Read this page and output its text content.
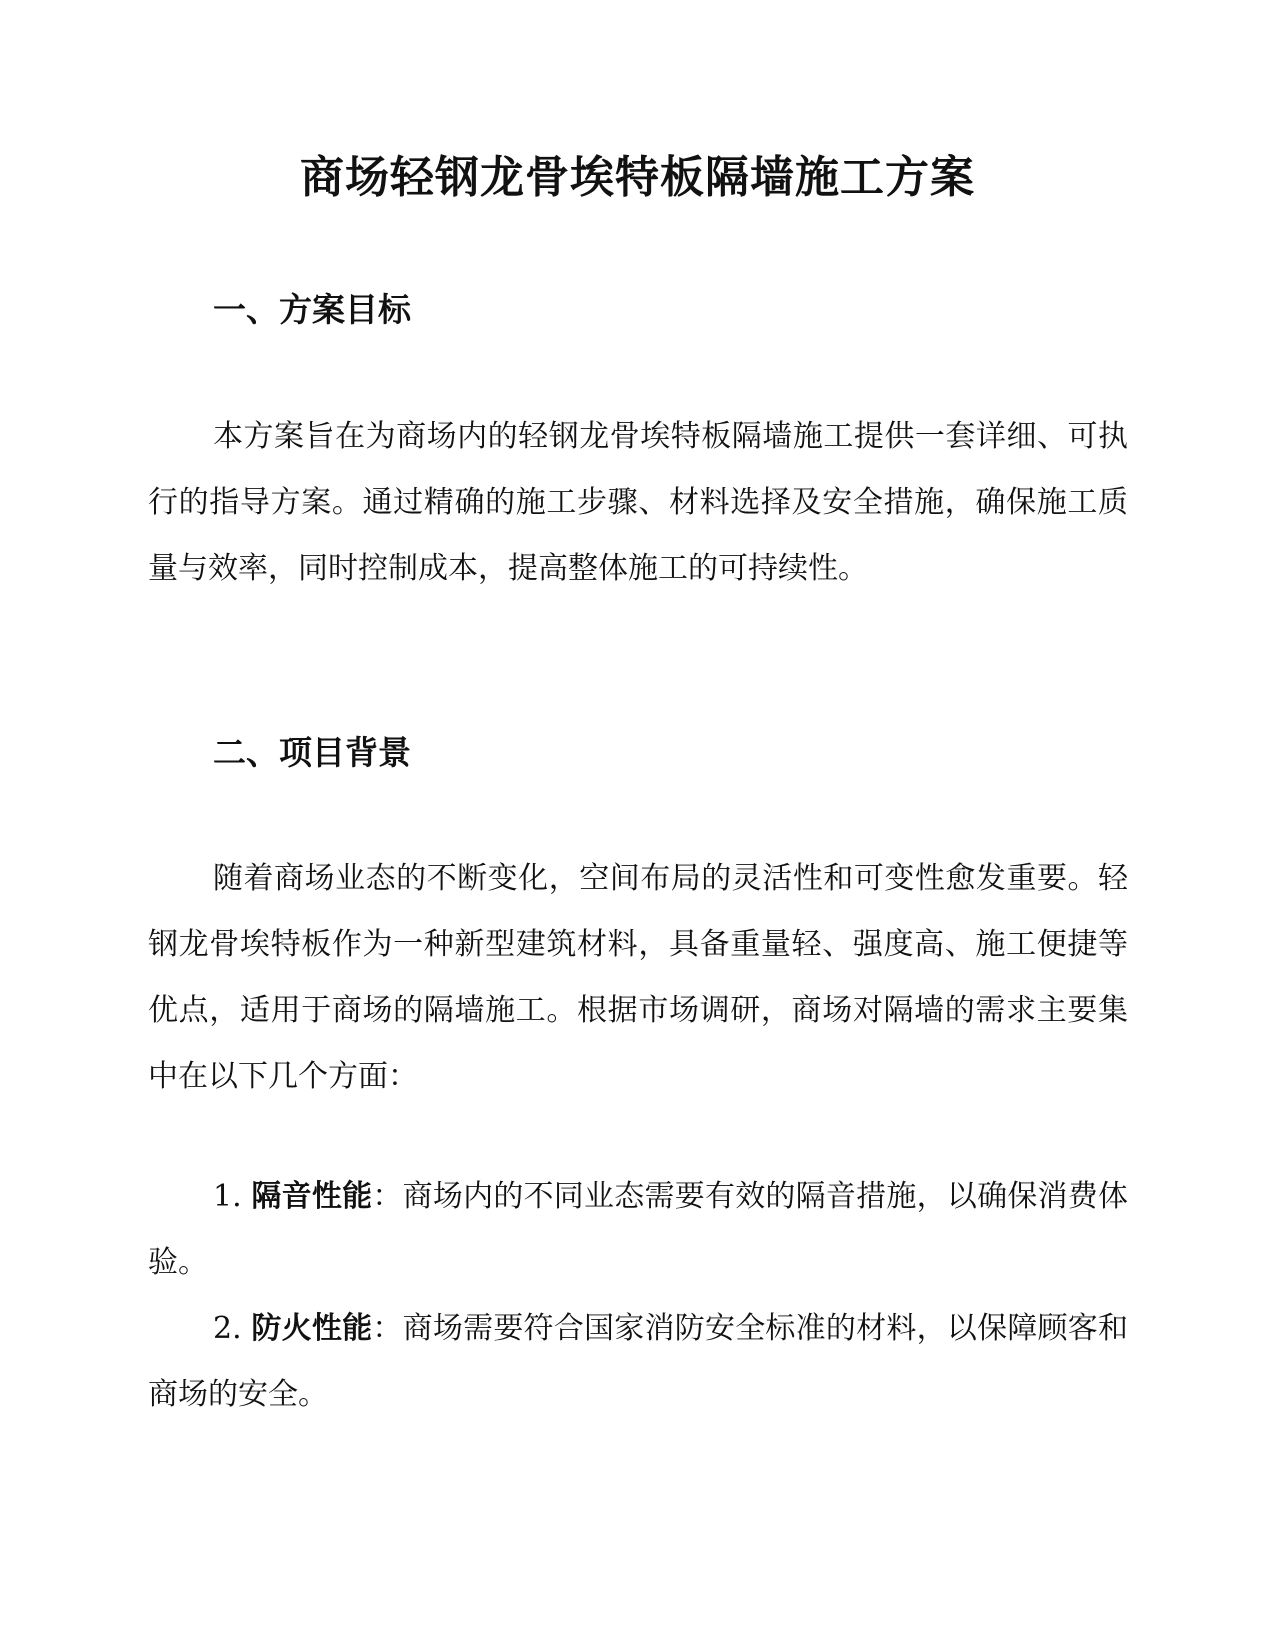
商场轻钢龙骨埃特板隔墙施工方案
一、方案目标

本方案旨在为商场内的轻钢龙骨埃特板隔墙施工提供一套详细、可执行的指导方案。通过精确的施工步骤、材料选择及安全措施，确保施工质量与效率，同时控制成本，提高整体施工的可持续性。

二、项目背景

随着商场业态的不断变化，空间布局的灵活性和可变性愈发重要。轻钢龙骨埃特板作为一种新型建筑材料，具备重量轻、强度高、施工便捷等优点，适用于商场的隔墙施工。根据市场调研，商场对隔墙的需求主要集中在以下几个方面：

1. 隔音性能：商场内的不同业态需要有效的隔音措施，以确保消费体验。

2. 防火性能：商场需要符合国家消防安全标准的材料，以保障顾客和商场的安全。
